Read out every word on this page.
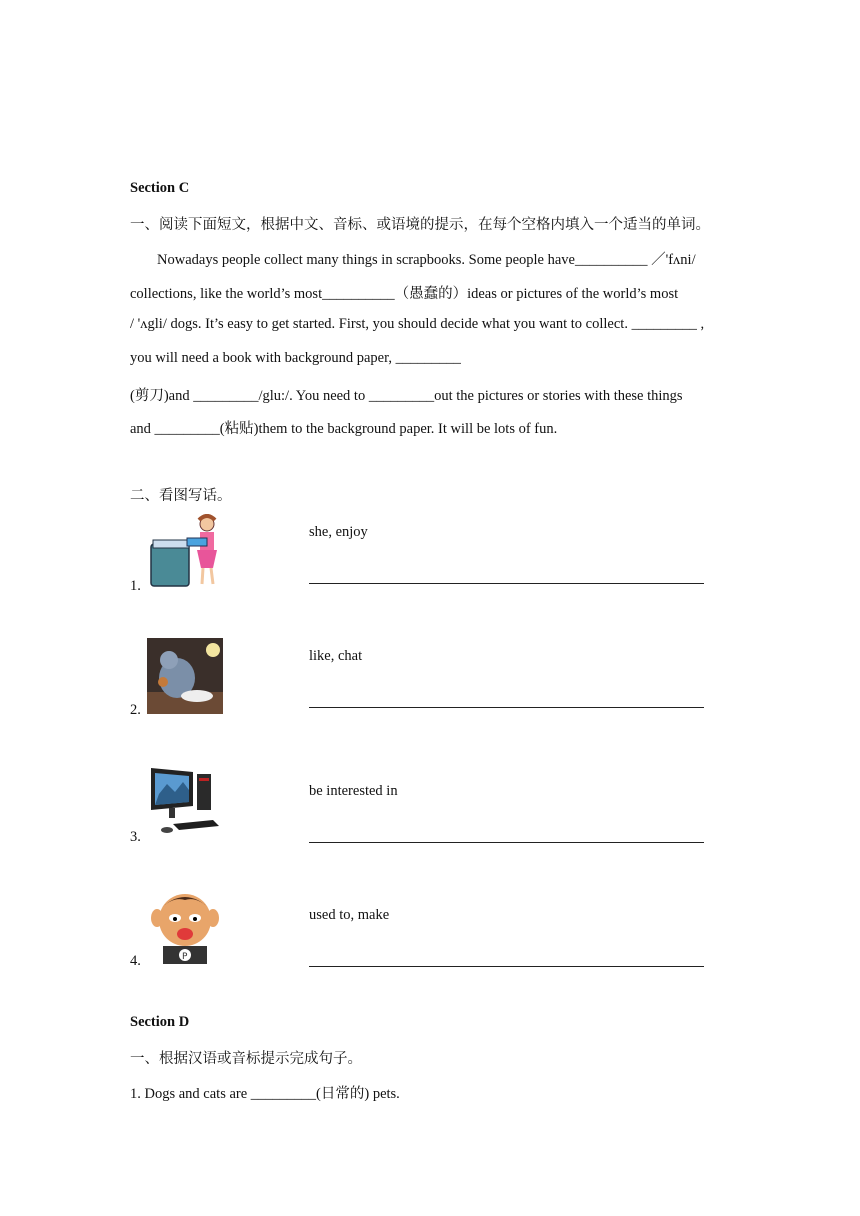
Section C
一、阅读下面短文，根据中文、音标、或语境的提示，在每个空格内填入一个适当的单词。
Nowadays people collect many things in scrapbooks. Some people have__________ ／'fʌni/
collections, like the world’s most__________（愚蠢的）ideas or pictures of the world’s most
/ 'ʌgli/ dogs. It’s easy to get started. First, you should decide what you want to collect. _________ ,
you will need a book with background paper, _________
(剪刀)and _________/glu:/. You need to _________out the pictures or stories with these things
and _________(粘贴)them to the background paper. It will be lots of fun.
二、看图写话。
1.
she, enjoy
2.
like, chat
3.
be interested in
4.	P
used to, make
Section D
一、根据汉语或音标提示完成句子。
1. Dogs and cats are _________(日常的) pets.
